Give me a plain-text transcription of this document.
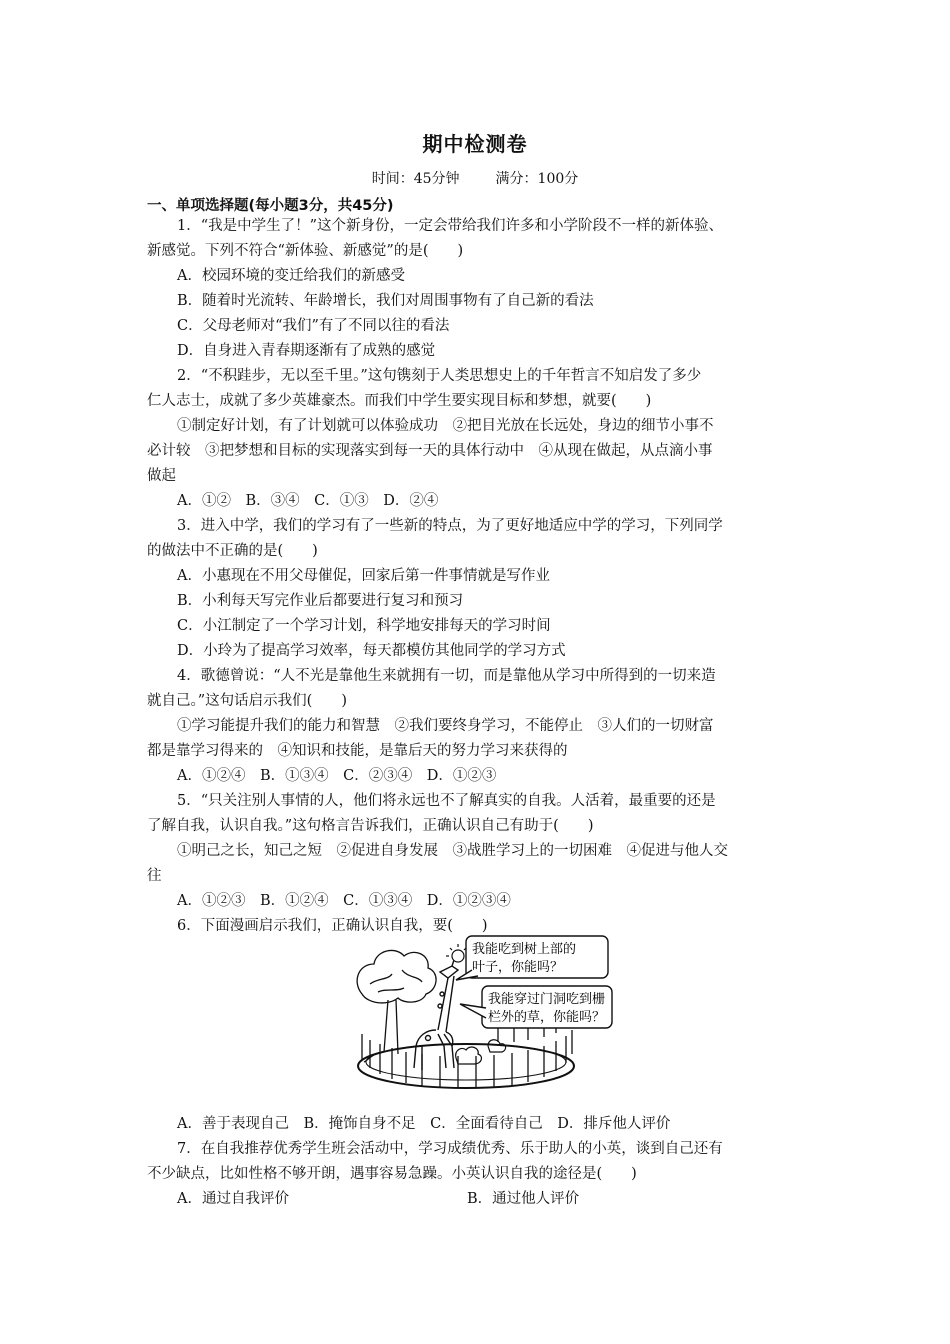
期中检测卷
时间：45分钟	满分：100分
一、单项选择题(每小题3分，共45分)
1．“我是中学生了！”这个新身份，一定会带给我们许多和小学阶段不一样的新体验、
新感觉。下列不符合“新体验、新感觉”的是(　　)
A．校园环境的变迁给我们的新感受
B．随着时光流转、年龄增长，我们对周围事物有了自己新的看法
C．父母老师对“我们”有了不同以往的看法
D．自身进入青春期逐渐有了成熟的感觉
2．“不积跬步，无以至千里。”这句镌刻于人类思想史上的千年哲言不知启发了多少
仁人志士，成就了多少英雄豪杰。而我们中学生要实现目标和梦想，就要(　　)
①制定好计划，有了计划就可以体验成功　②把目光放在长远处，身边的细节小事不
必计较　③把梦想和目标的实现落实到每一天的具体行动中　④从现在做起，从点滴小事
做起
A．①②　B．③④　C．①③　D．②④
3．进入中学，我们的学习有了一些新的特点，为了更好地适应中学的学习，下列同学
的做法中不正确的是(　　)
A．小惠现在不用父母催促，回家后第一件事情就是写作业
B．小利每天写完作业后都要进行复习和预习
C．小江制定了一个学习计划，科学地安排每天的学习时间
D．小玲为了提高学习效率，每天都模仿其他同学的学习方式
4．歌德曾说：“人不光是靠他生来就拥有一切，而是靠他从学习中所得到的一切来造
就自己。”这句话启示我们(　　)
①学习能提升我们的能力和智慧　②我们要终身学习，不能停止　③人们的一切财富
都是靠学习得来的　④知识和技能，是靠后天的努力学习来获得的
A．①②④　B．①③④　C．②③④　D．①②③
5．“只关注别人事情的人，他们将永远也不了解真实的自我。人活着，最重要的还是
了解自我，认识自我。”这句格言告诉我们，正确认识自己有助于(　　)
①明己之长，知己之短　②促进自身发展　③战胜学习上的一切困难　④促进与他人交
往
A．①②③　B．①②④　C．①③④　D．①②③④
6．下面漫画启示我们，正确认识自我，要(　　)
我能吃到树上部的
叶子，你能吗？
我能穿过门洞吃到栅
栏外的草，你能吗？
A．善于表现自己　B．掩饰自身不足　C．全面看待自己　D．排斥他人评价
7．在自我推荐优秀学生班会活动中，学习成绩优秀、乐于助人的小英，谈到自己还有
不少缺点，比如性格不够开朗，遇事容易急躁。小英认识自我的途径是(　　)
A．通过自我评价	B．通过他人评价
